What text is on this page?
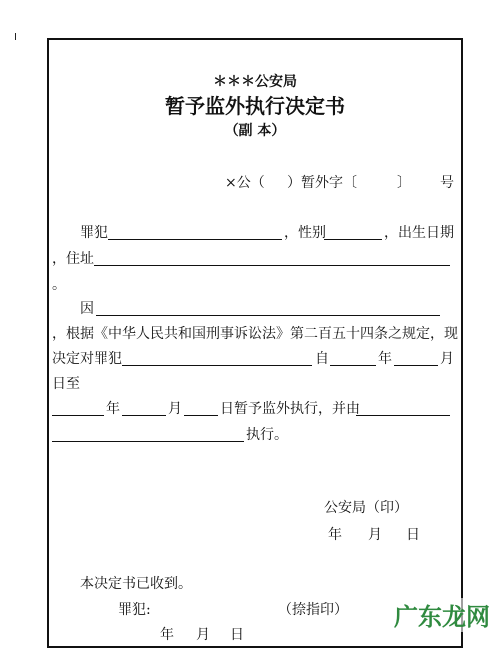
＊＊＊公安局
暂予监外执行决定书
（副 本）
×公（ ）暂外字〔	〕 号
罪犯	，性别	，出生日期
，住址
。
因
，根据《中华人民共和国刑事诉讼法》第二百五十四条之规定，现
决定对罪犯	自	年	月
日至
年	月	日暂予监外执行，并由
执行。
公安局（印）
年 月 日
本决定书已收到。
罪犯:	（捺指印）
年 月 日
广东龙网
